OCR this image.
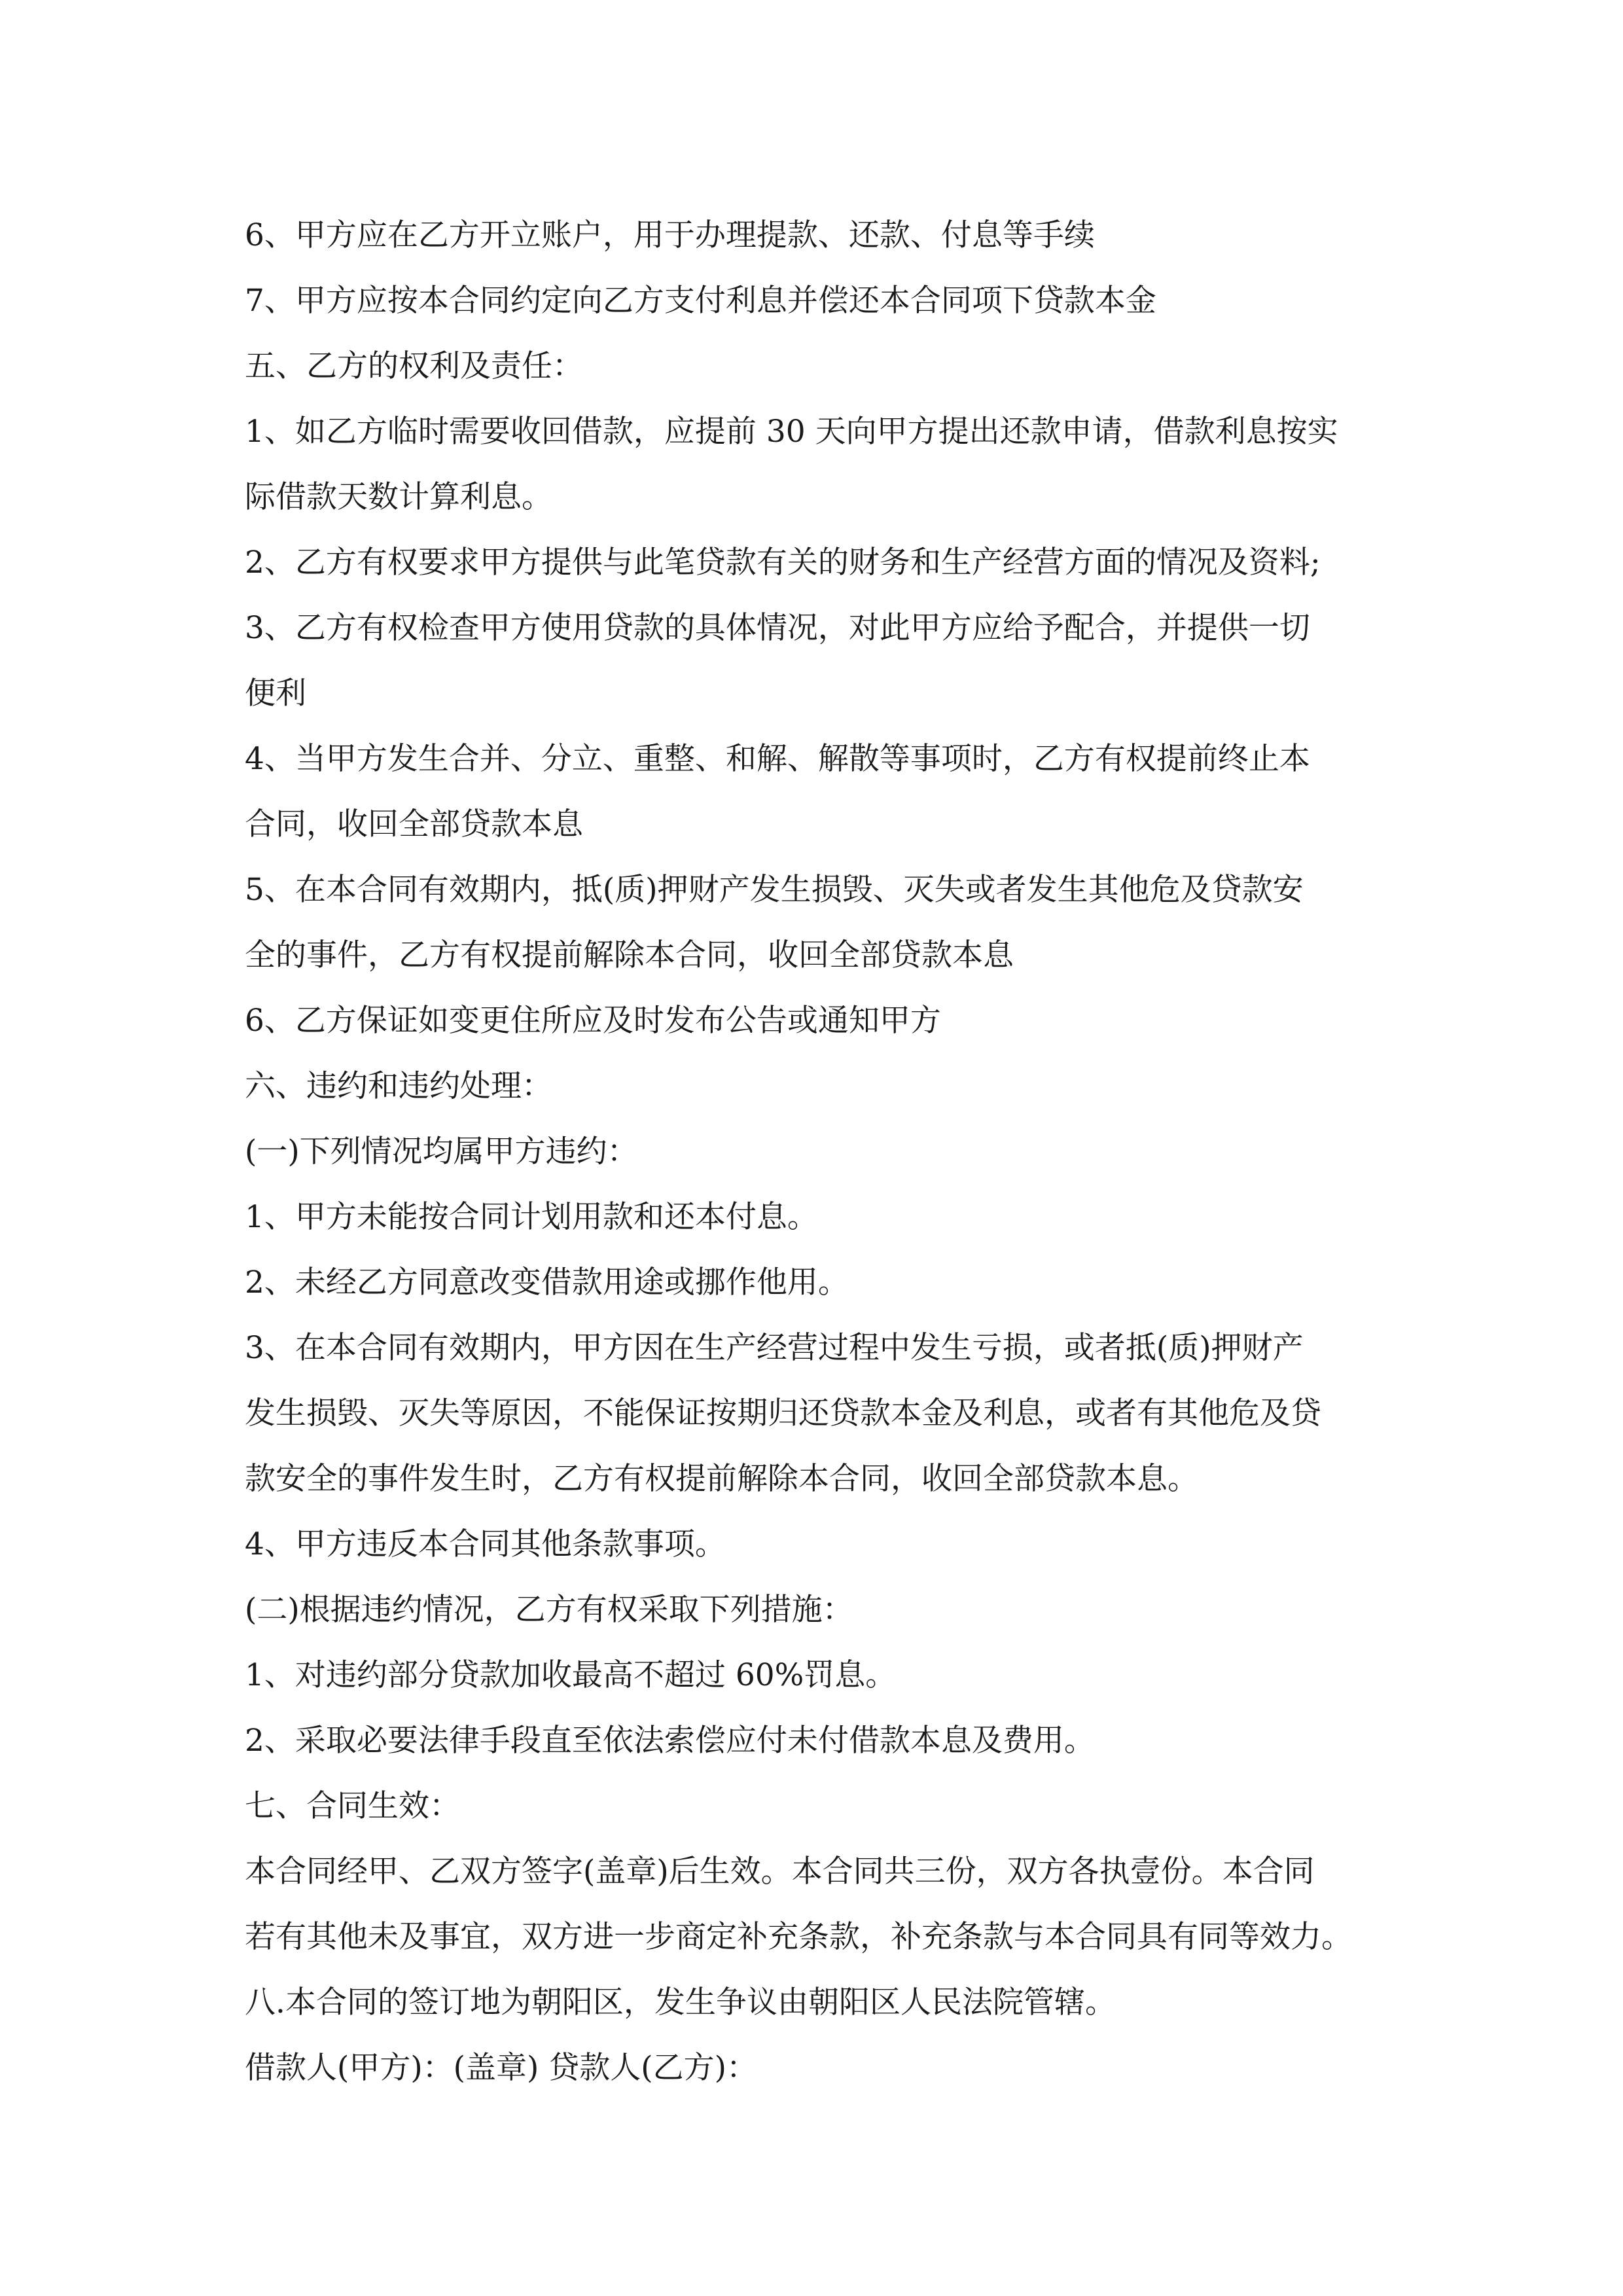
6、甲方应在乙方开立账户，用于办理提款、还款、付息等手续

7、甲方应按本合同约定向乙方支付利息并偿还本合同项下贷款本金

五、乙方的权利及责任：

1、如乙方临时需要收回借款，应提前 30 天向甲方提出还款申请，借款利息按实

际借款天数计算利息。

2、乙方有权要求甲方提供与此笔贷款有关的财务和生产经营方面的情况及资料;

3、乙方有权检查甲方使用贷款的具体情况，对此甲方应给予配合，并提供一切

便利

4、当甲方发生合并、分立、重整、和解、解散等事项时，乙方有权提前终止本

合同，收回全部贷款本息

5、在本合同有效期内，抵(质)押财产发生损毁、灭失或者发生其他危及贷款安

全的事件，乙方有权提前解除本合同，收回全部贷款本息

6、乙方保证如变更住所应及时发布公告或通知甲方

六、违约和违约处理：

(一)下列情况均属甲方违约：

1、甲方未能按合同计划用款和还本付息。

2、未经乙方同意改变借款用途或挪作他用。

3、在本合同有效期内，甲方因在生产经营过程中发生亏损，或者抵(质)押财产

发生损毁、灭失等原因，不能保证按期归还贷款本金及利息，或者有其他危及贷

款安全的事件发生时，乙方有权提前解除本合同，收回全部贷款本息。

4、甲方违反本合同其他条款事项。

(二)根据违约情况，乙方有权采取下列措施：

1、对违约部分贷款加收最高不超过 60%罚息。

2、采取必要法律手段直至依法索偿应付未付借款本息及费用。

七、合同生效：

本合同经甲、乙双方签字(盖章)后生效。本合同共三份，双方各执壹份。本合同

若有其他未及事宜，双方进一步商定补充条款，补充条款与本合同具有同等效力。

八.本合同的签订地为朝阳区，发生争议由朝阳区人民法院管辖。

借款人(甲方)：(盖章) 贷款人(乙方)：
